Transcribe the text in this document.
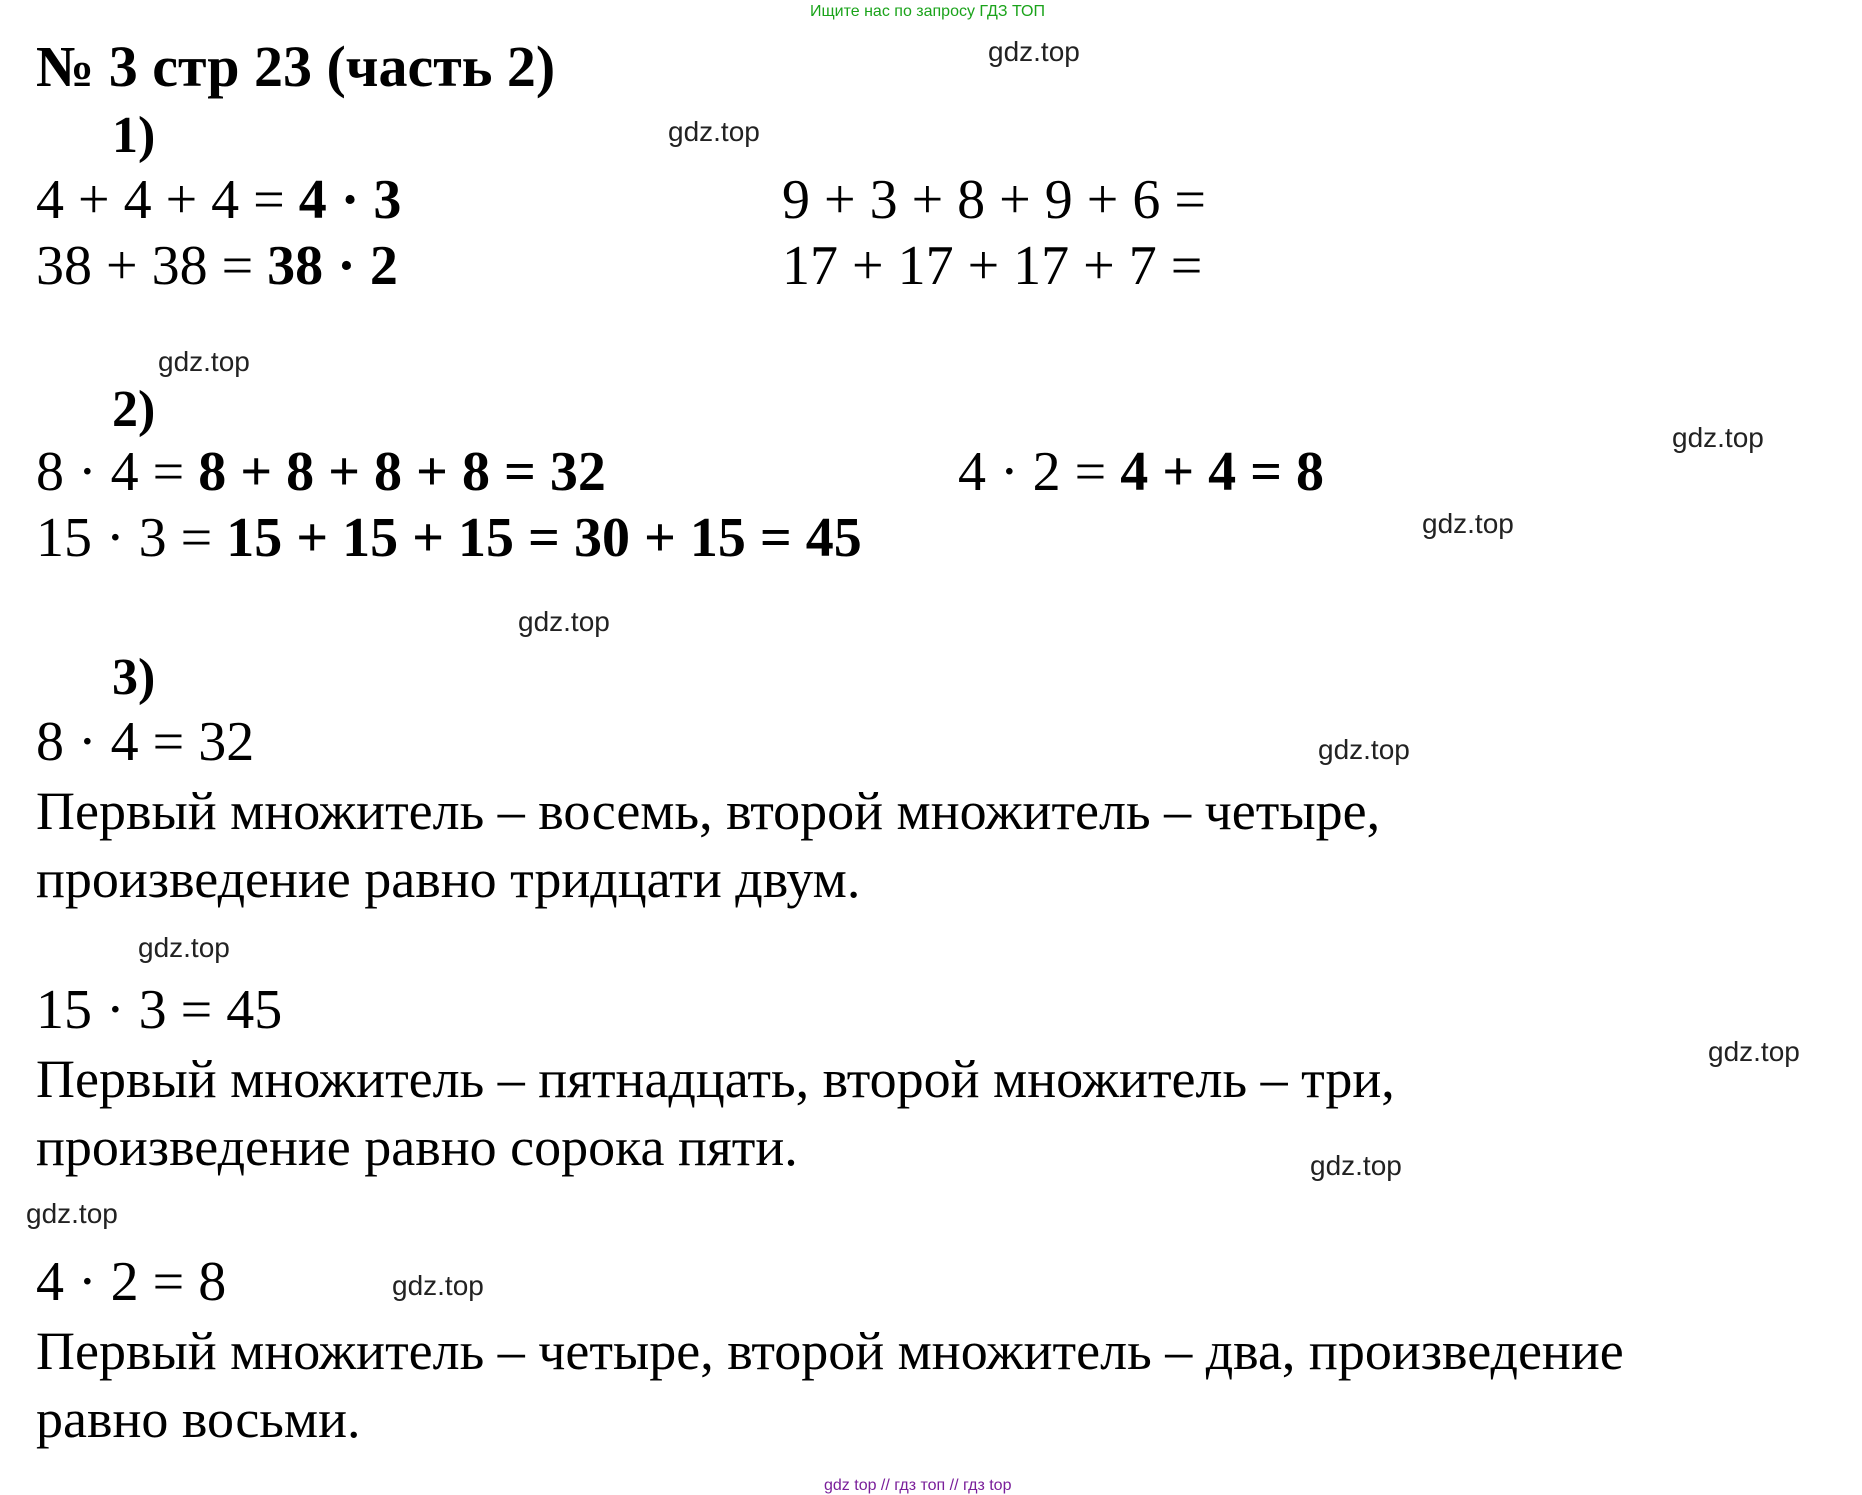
Ищите нас по запросу ГДЗ ТОП
№ 3 стр 23 (часть 2)
1)
4 + 4 + 4 = 4 · 3
38 + 38 = 38 · 2
9 + 3 + 8 + 9 + 6 =
17 + 17 + 17 + 7 =
2)
8 · 4 = 8 + 8 + 8 + 8 = 32	4 · 2 = 4 + 4 = 8
15 · 3 = 15 + 15 + 15 = 30 + 15 = 45
3)
8 · 4 = 32
Первый множитель – восемь, второй множитель – четыре,
произведение равно тридцати двум.
15 · 3 = 45
Первый множитель – пятнадцать, второй множитель – три,
произведение равно сорока пяти.
4 · 2 = 8
Первый множитель – четыре, второй множитель – два, произведение
равно восьми.
gdz.top
gdz.top
gdz.top
gdz.top
gdz.top
gdz.top
gdz.top
gdz.top
gdz.top
gdz.top
gdz.top
gdz.top
gdz top // гдз топ // гдз top
